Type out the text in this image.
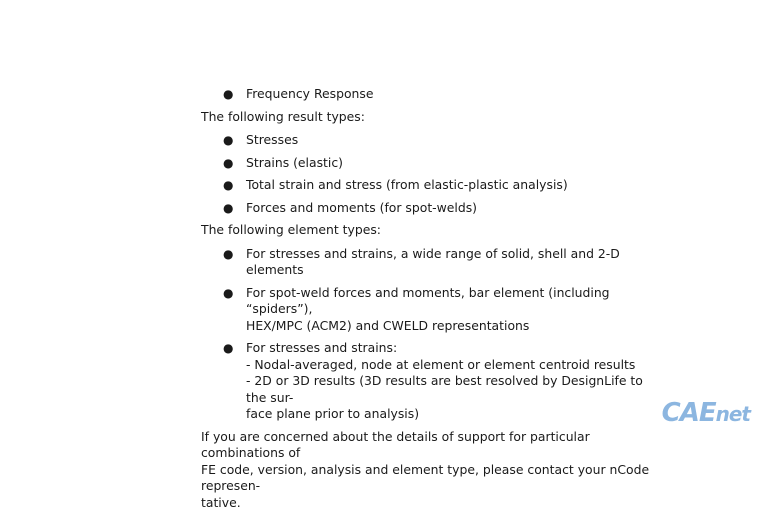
● Frequency Response

The following result types:

● Stresses
● Strains (elastic)
● Total strain and stress (from elastic-plastic analysis)
● Forces and moments (for spot-welds)

The following element types:

● For stresses and strains, a wide range of solid, shell and 2-D elements
● For spot-weld forces and moments, bar element (including “spiders”),
HEX/MPC (ACM2) and CWELD representations
● For stresses and strains:
- Nodal-averaged, node at element or element centroid results
- 2D or 3D results (3D results are best resolved by DesignLife to the sur-
face plane prior to analysis)

If you are concerned about the details of support for particular combinations of
FE code, version, analysis and element type, please contact your nCode represen-
tative.

CAEnet
